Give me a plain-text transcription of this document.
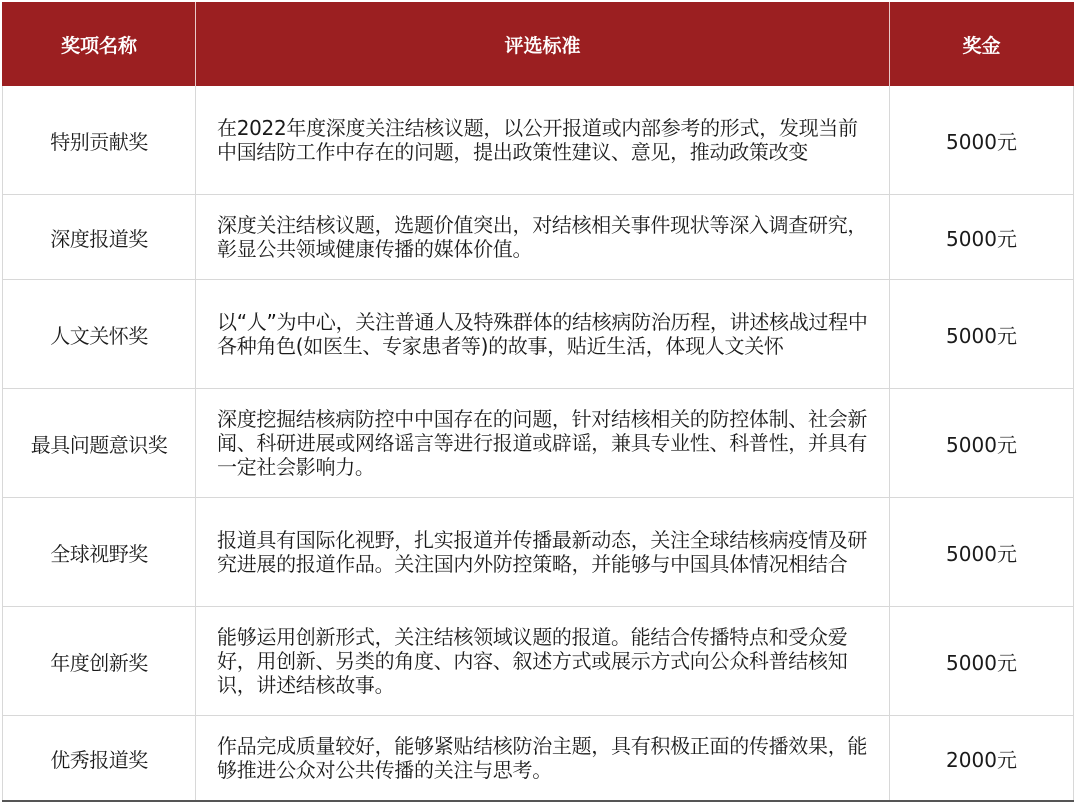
奖项名称	评选标准	奖金
特别贡献奖	在2022年度深度关注结核议题，以公开报道或内部参考的形式，发现当前中国结防工作中存在的问题，提出政策性建议、意见，推动政策改变	5000元
深度报道奖	深度关注结核议题，选题价值突出，对结核相关事件现状等深入调查研究，彰显公共领域健康传播的媒体价值。	5000元
人文关怀奖	以“人”为中心，关注普通人及特殊群体的结核病防治历程，讲述核战过程中各种角色(如医生、专家患者等)的故事，贴近生活，体现人文关怀	5000元
最具问题意识奖	深度挖掘结核病防控中中国存在的问题，针对结核相关的防控体制、社会新闻、科研进展或网络谣言等进行报道或辟谣，兼具专业性、科普性，并具有一定社会影响力。	5000元
全球视野奖	报道具有国际化视野，扎实报道并传播最新动态，关注全球结核病疫情及研究进展的报道作品。关注国内外防控策略，并能够与中国具体情况相结合	5000元
年度创新奖	能够运用创新形式，关注结核领域议题的报道。能结合传播特点和受众爱好，用创新、另类的角度、内容、叙述方式或展示方式向公众科普结核知识，讲述结核故事。	5000元
优秀报道奖	作品完成质量较好，能够紧贴结核防治主题，具有积极正面的传播效果，能够推进公众对公共传播的关注与思考。	2000元
